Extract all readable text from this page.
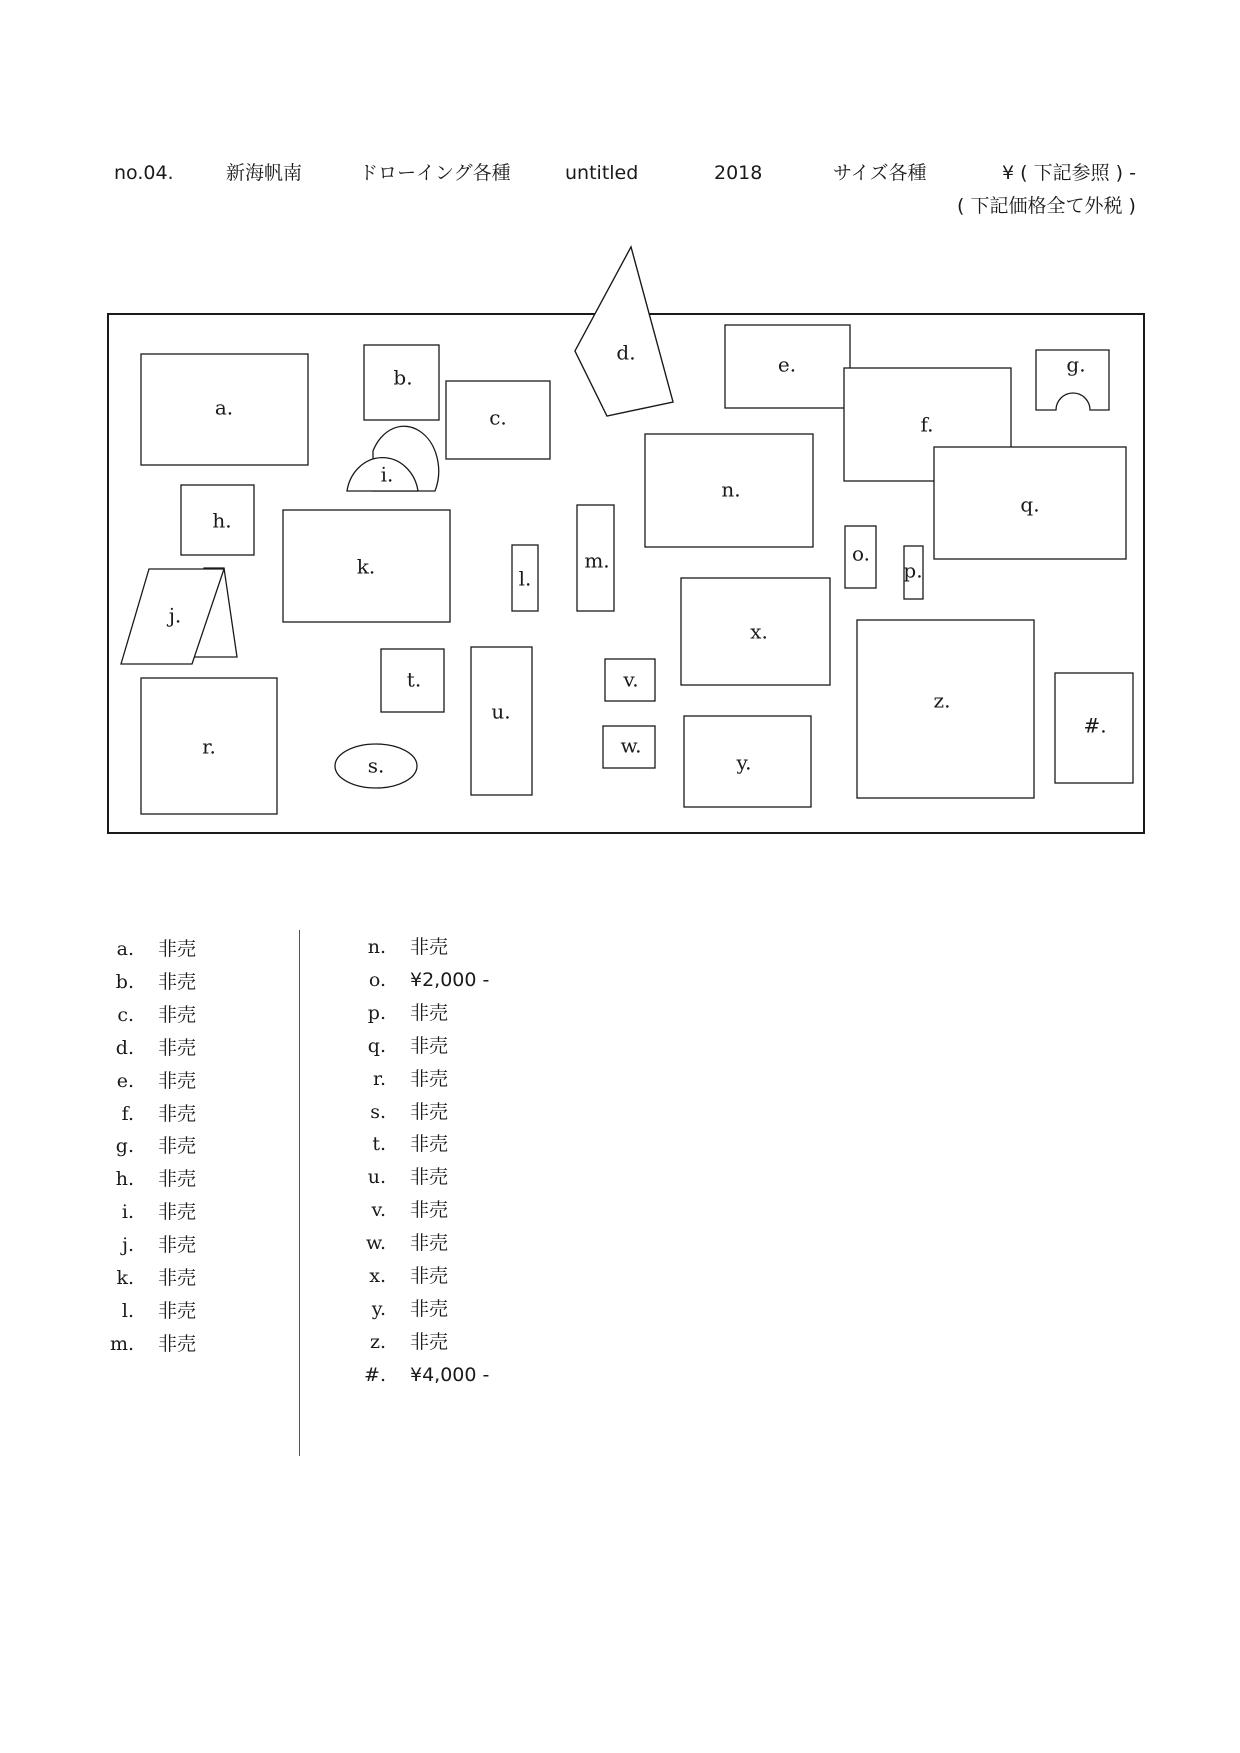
no.04.	新海帆南	ドローイング各種	untitled	2018	サイズ各種	¥ ( 下記参照 ) -
( 下記価格全て外税 )
a.
b.
c.
d.	e.
f.
g.
h.
i.
j.
k.	l.
m.
n.
o.
p.
q.
r.
s.
t.
u.
v.
w.
x.
y.
z.
#.
a. 非売
b. 非売
c. 非売
d. 非売
e. 非売
f. 非売
g. 非売
h. 非売
i. 非売
j. 非売
k. 非売
l. 非売
m. 非売
n. 非売
o. ¥2,000 -
p. 非売
q. 非売
r. 非売
s. 非売
t. 非売
u. 非売
v. 非売
w. 非売
x. 非売
y. 非売
z. 非売
#. ¥4,000 -
